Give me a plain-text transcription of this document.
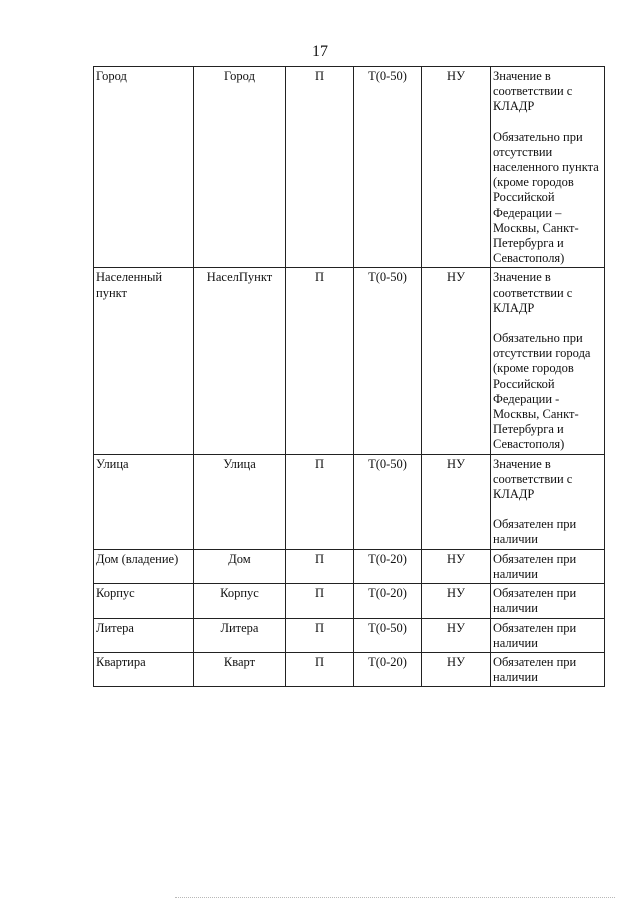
17
Город	Город	П	Т(0-50)	НУ	Значение в соответствии с КЛАДР
Обязательно при отсутствии населенного пункта (кроме городов Российской Федерации – Москвы, Санкт-Петербурга и Севастополя)

Населенный пункт	НаселПункт	П	Т(0-50)	НУ	Значение в соответствии с КЛАДР
Обязательно при отсутствии города (кроме городов Российской Федерации - Москвы, Санкт-Петербурга и Севастополя)

Улица	Улица	П	Т(0-50)	НУ	Значение в соответствии с КЛАДР
Обязателен при наличии

Дом (владение)	Дом	П	Т(0-20)	НУ	Обязателен при наличии

Корпус	Корпус	П	Т(0-20)	НУ	Обязателен при наличии

Литера	Литера	П	Т(0-50)	НУ	Обязателен при наличии

Квартира	Кварт	П	Т(0-20)	НУ	Обязателен при наличии
